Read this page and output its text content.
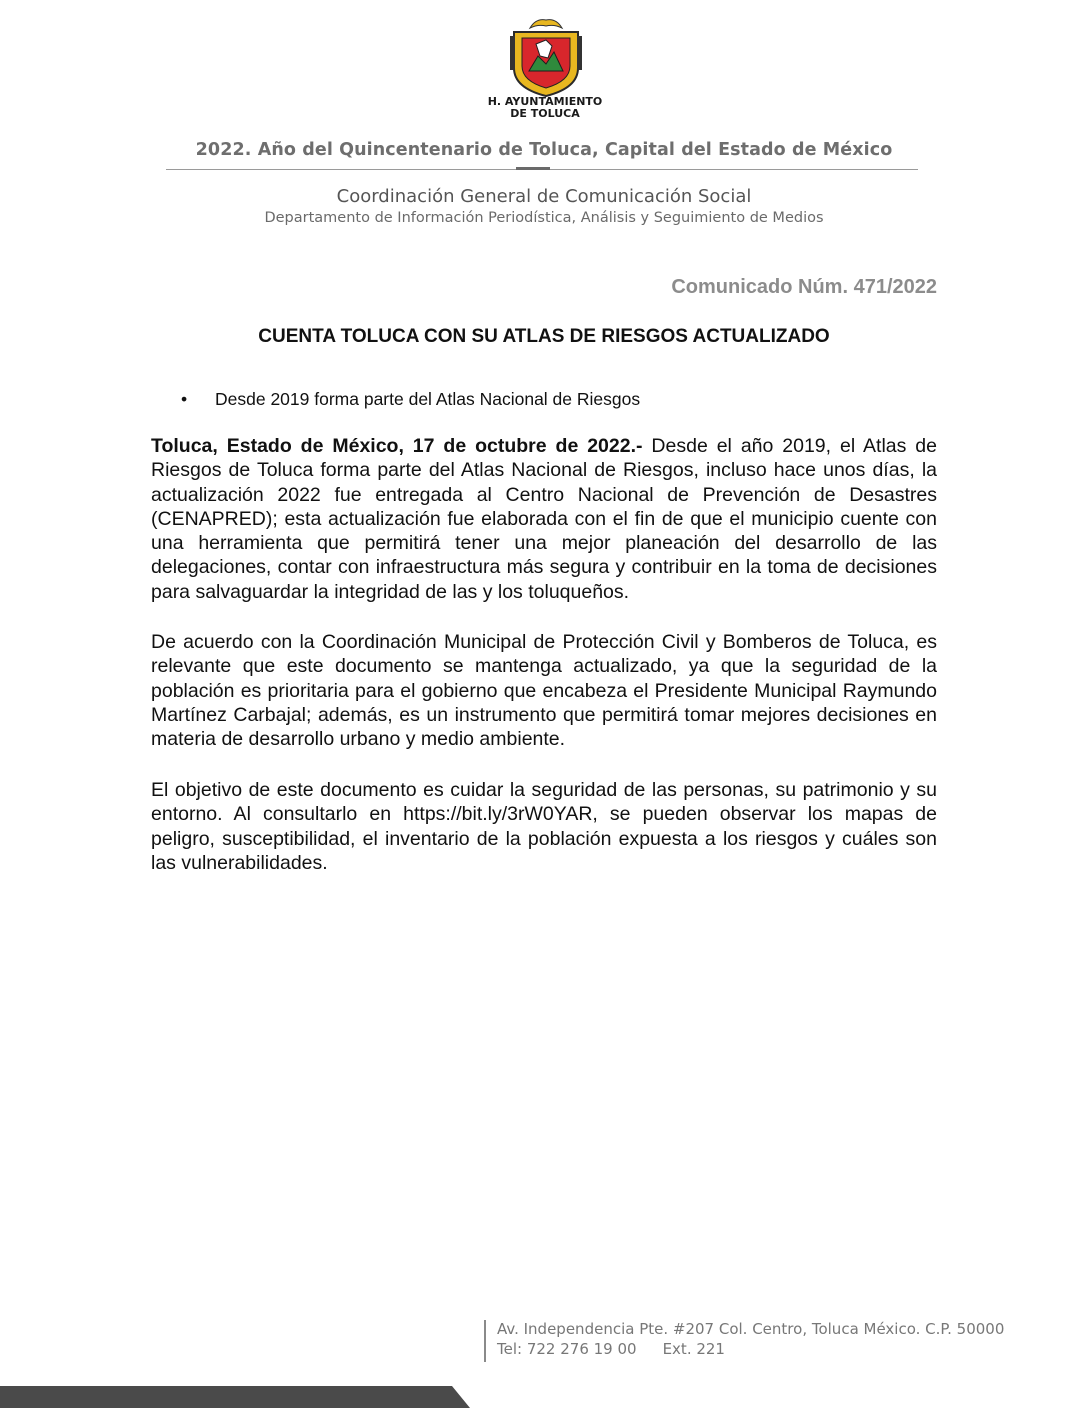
H. AYUNTAMIENTO
DE TOLUCA
2022. Año del Quincentenario de Toluca, Capital del Estado de México
Coordinación General de Comunicación Social
Departamento de Información Periodística, Análisis y Seguimiento de Medios
Comunicado Núm. 471/2022
CUENTA TOLUCA CON SU ATLAS DE RIESGOS ACTUALIZADO
• Desde 2019 forma parte del Atlas Nacional de Riesgos

Toluca, Estado de México, 17 de octubre de 2022.- Desde el año 2019, el Atlas de Riesgos de Toluca forma parte del Atlas Nacional de Riesgos, incluso hace unos días, la actualización 2022 fue entregada al Centro Nacional de Prevención de Desastres (CENAPRED); esta actualización fue elaborada con el fin de que el municipio cuente con una herramienta que permitirá tener una mejor planeación del desarrollo de las delegaciones, contar con infraestructura más segura y contribuir en la toma de decisiones para salvaguardar la integridad de las y los toluqueños.

De acuerdo con la Coordinación Municipal de Protección Civil y Bomberos de Toluca, es relevante que este documento se mantenga actualizado, ya que la seguridad de la población es prioritaria para el gobierno que encabeza el Presidente Municipal Raymundo Martínez Carbajal; además, es un instrumento que permitirá tomar mejores decisiones en materia de desarrollo urbano y medio ambiente.

El objetivo de este documento es cuidar la seguridad de las personas, su patrimonio y su entorno. Al consultarlo en https://bit.ly/3rW0YAR, se pueden observar los mapas de peligro, susceptibilidad, el inventario de la población expuesta a los riesgos y cuáles son las vulnerabilidades.

Av. Independencia Pte. #207 Col. Centro, Toluca México. C.P. 50000
Tel: 722 276 19 00 Ext. 221
